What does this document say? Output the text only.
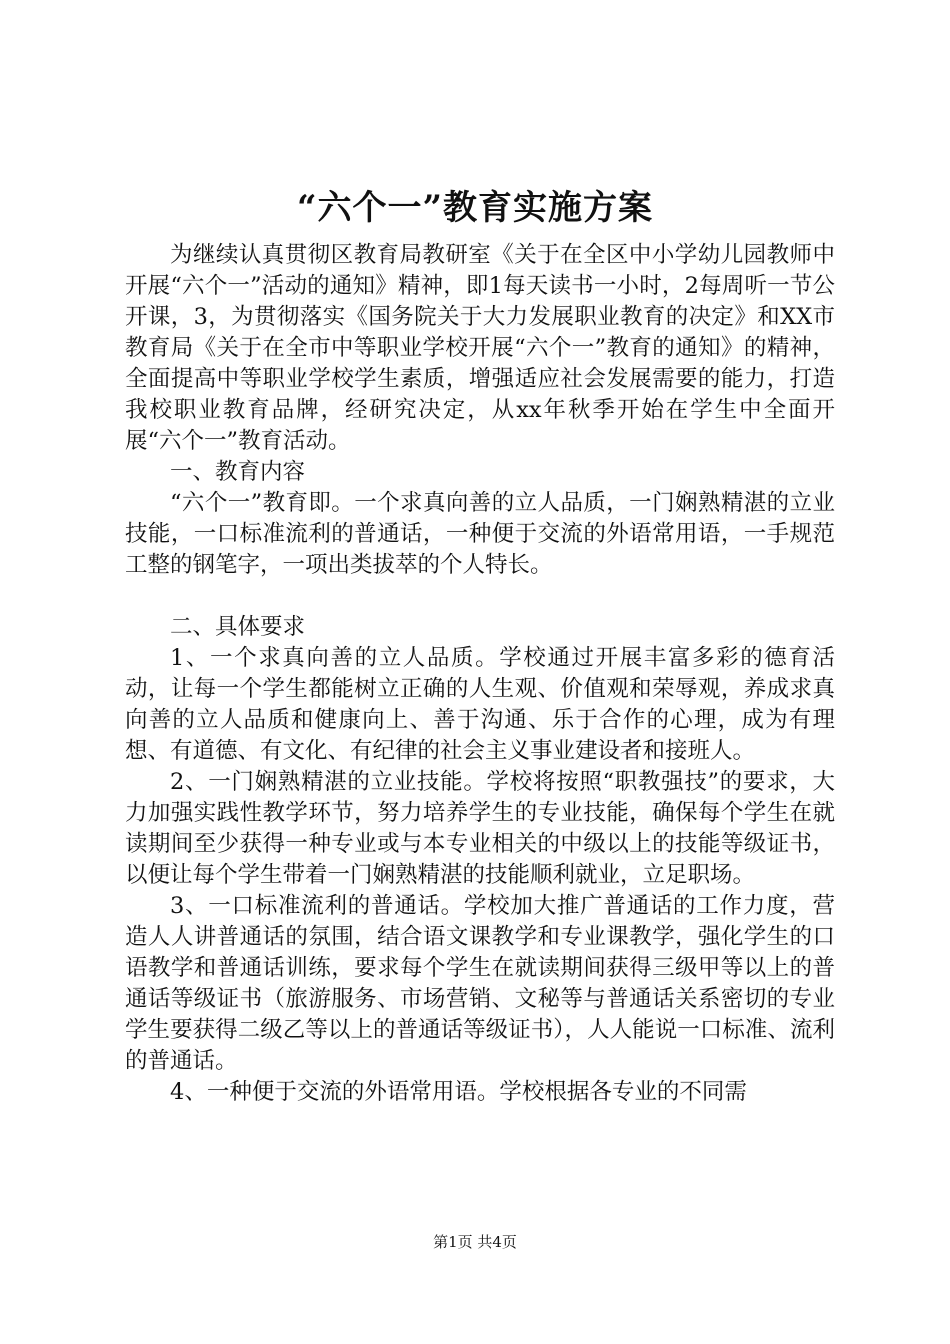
“六个一”教育实施方案

为继续认真贯彻区教育局教研室《关于在全区中小学幼儿园教师中开展“六个一”活动的通知》精神，即1每天读书一小时，2每周听一节公开课，3，为贯彻落实《国务院关于大力发展职业教育的决定》和XX市教育局《关于在全市中等职业学校开展“六个一”教育的通知》的精神，全面提高中等职业学校学生素质，增强适应社会发展需要的能力，打造我校职业教育品牌，经研究决定，从xx年秋季开始在学生中全面开展“六个一”教育活动。

一、教育内容

“六个一”教育即。一个求真向善的立人品质，一门娴熟精湛的立业技能，一口标准流利的普通话，一种便于交流的外语常用语，一手规范工整的钢笔字，一项出类拔萃的个人特长。

二、具体要求

1、一个求真向善的立人品质。学校通过开展丰富多彩的德育活动，让每一个学生都能树立正确的人生观、价值观和荣辱观，养成求真向善的立人品质和健康向上、善于沟通、乐于合作的心理，成为有理想、有道德、有文化、有纪律的社会主义事业建设者和接班人。

2、一门娴熟精湛的立业技能。学校将按照“职教强技”的要求，大力加强实践性教学环节，努力培养学生的专业技能，确保每个学生在就读期间至少获得一种专业或与本专业相关的中级以上的技能等级证书，以便让每个学生带着一门娴熟精湛的技能顺利就业，立足职场。

3、一口标准流利的普通话。学校加大推广普通话的工作力度，营造人人讲普通话的氛围，结合语文课教学和专业课教学，强化学生的口语教学和普通话训练，要求每个学生在就读期间获得三级甲等以上的普通话等级证书（旅游服务、市场营销、文秘等与普通话关系密切的专业学生要获得二级乙等以上的普通话等级证书），人人能说一口标准、流利的普通话。

4、一种便于交流的外语常用语。学校根据各专业的不同需

第1页 共4页
